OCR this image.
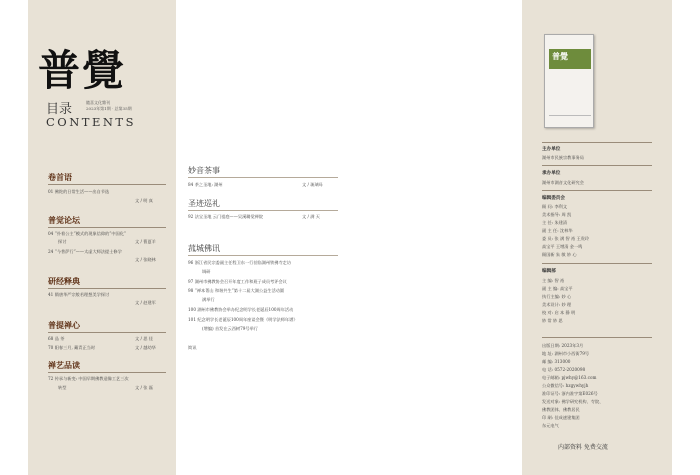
普覺
目录	隨喜文化雜刊
2023年第1期 · 总第35期
CONTENTS
卷首语
01 佛陀的日常生活——出自节选
文 / 明 真
普觉论坛
04 “扑着公主”模式的现象信仰的“中国化”
探讨	文 / 曹夏羊
24 “今普萨行”——太虚大师法提士修学
文 / 张晓林
研经释典
41 隋唐华严宗般若理想美学探讨
文 / 赵建军
普提禅心
68 品 茶	文 / 思 佳
70 阳春三月, 藏青正当时	文 / 越幼华
禅艺品读
72 传承与新变: 中国早期佛教造像工艺三次
转型	文 / 张 磊
妙音茶事
84 茶之圣地: 湖州	文 / 琉璃母
圣迹巡礼
92 法宝圣地 云门祖庭——吴溪璐觉禅院	文 / 满 天
菰城佛讯
96 浙江省民宗委副主任程卫东一行莅临湖州铁佛寺走访
调研
97 湖州市佛教协会召开年度工作和班子成员考评会议
98 “禅本菁山 和谐共生”第十二届大湖公益生活动圆
满举行
100 湖州市佛教协会举办纪念明学长老诞辰100周年活动
101 纪念明学长老诞辰100周年座谈会暨《明学法师年谱》
(增编) 首发在云西树79号举行
简讯
普覺
主办单位
湖州市民族宗教事务局
承办单位
湖州市湖音文化研究会
编辑委员会
顾 问: 李利文
美术指导: 周 凯
主 任: 朱建清
副 主 任: 沈林华
委 员: 张 满 智 裕 王贵玲
高宝平 王增清 金一鸣
顾国新 朱 敏 妙 心
编辑部
主 编: 智 裕
副 主 编: 高宝平
执行主编: 妙 心
美术设计: 妙 理
校 对: 启 本 静 明
妙 常 妙 思
出版日期: 2023年3月
地 址: 湖州市小西街79号
邮 编: 313000
电 话: 0572-2020098
电子邮箱: pjwhy@163.com
公众微信号: hzgywhyjh
准印证号: 浙内准字第E026号
发送对象: 佛学研究机构、寺院、
佛教团体、佛教居民
印 刷: 佳成速建集团
东元电气
内部资料 免费交流
